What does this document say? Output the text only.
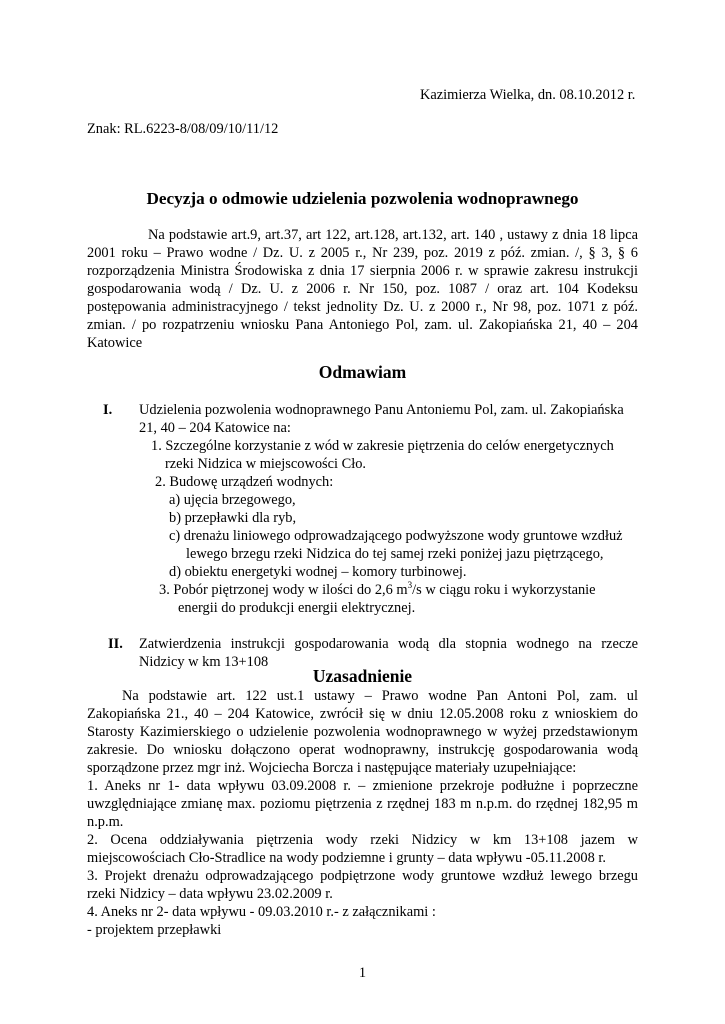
Kazimierza Wielka, dn. 08.10.2012 r.

Znak: RL.6223-8/08/09/10/11/12

Decyzja o odmowie udzielenia pozwolenia wodnoprawnego

Na podstawie art.9, art.37, art 122, art.128, art.132, art. 140 , ustawy z dnia 18 lipca

2001 roku – Prawo wodne / Dz. U. z 2005 r., Nr 239, poz. 2019 z póź. zmian. /, § 3, § 6

rozporządzenia Ministra Środowiska z dnia 17 sierpnia 2006 r. w sprawie zakresu instrukcji

gospodarowania wodą / Dz. U. z 2006 r. Nr 150, poz. 1087 / oraz art. 104 Kodeksu

postępowania administracyjnego / tekst jednolity Dz. U. z 2000 r., Nr 98, poz. 1071 z póź.

zmian. / po rozpatrzeniu wniosku Pana Antoniego Pol, zam. ul. Zakopiańska 21, 40 – 204

Katowice

Odmawiam

I. Udzielenia pozwolenia wodnoprawnego Panu Antoniemu Pol, zam. ul. Zakopiańska

21, 40 – 204 Katowice na:

1. Szczególne korzystanie z wód w zakresie piętrzenia do celów energetycznych

rzeki Nidzica w miejscowości Cło.

2. Budowę urządzeń wodnych:

a) ujęcia brzegowego,

b) przepławki dla ryb,

c) drenażu liniowego odprowadzającego podwyższone wody gruntowe wzdłuż

lewego brzegu rzeki Nidzica do tej samej rzeki poniżej jazu piętrzącego,

d) obiektu energetyki wodnej – komory turbinowej.

3. Pobór piętrzonej wody w ilości do 2,6 $m^3/s$ w ciągu roku i wykorzystanie

energii do produkcji energii elektrycznej.

II. Zatwierdzenia instrukcji gospodarowania wodą dla stopnia wodnego na rzecze

Nidzicy w km 13+108

Uzasadnienie

Na podstawie art. 122 ust.1 ustawy – Prawo wodne Pan Antoni Pol, zam. ul

Zakopiańska 21., 40 – 204 Katowice, zwrócił się w dniu 12.05.2008 roku z wnioskiem do

Starosty Kazimierskiego o udzielenie pozwolenia wodnoprawnego w wyżej przedstawionym

zakresie. Do wniosku dołączono operat wodnoprawny, instrukcję gospodarowania wodą

sporządzone przez mgr inż. Wojciecha Borcza i następujące materiały uzupełniające:

1. Aneks nr 1- data wpływu 03.09.2008 r. – zmienione przekroje podłużne i poprzeczne

uwzględniające zmianę max. poziomu piętrzenia z rzędnej 183 m n.p.m. do rzędnej 182,95 m

n.p.m.

2. Ocena oddziaływania piętrzenia wody rzeki Nidzicy w km 13+108 jazem w

miejscowościach Cło-Stradlice na wody podziemne i grunty – data wpływu -05.11.2008 r.

3. Projekt drenażu odprowadzającego podpiętrzone wody gruntowe wzdłuż lewego brzegu

rzeki Nidzicy – data wpływu 23.02.2009 r.

4. Aneks nr 2- data wpływu - 09.03.2010 r.- z załącznikami :

- projektem przepławki

1
